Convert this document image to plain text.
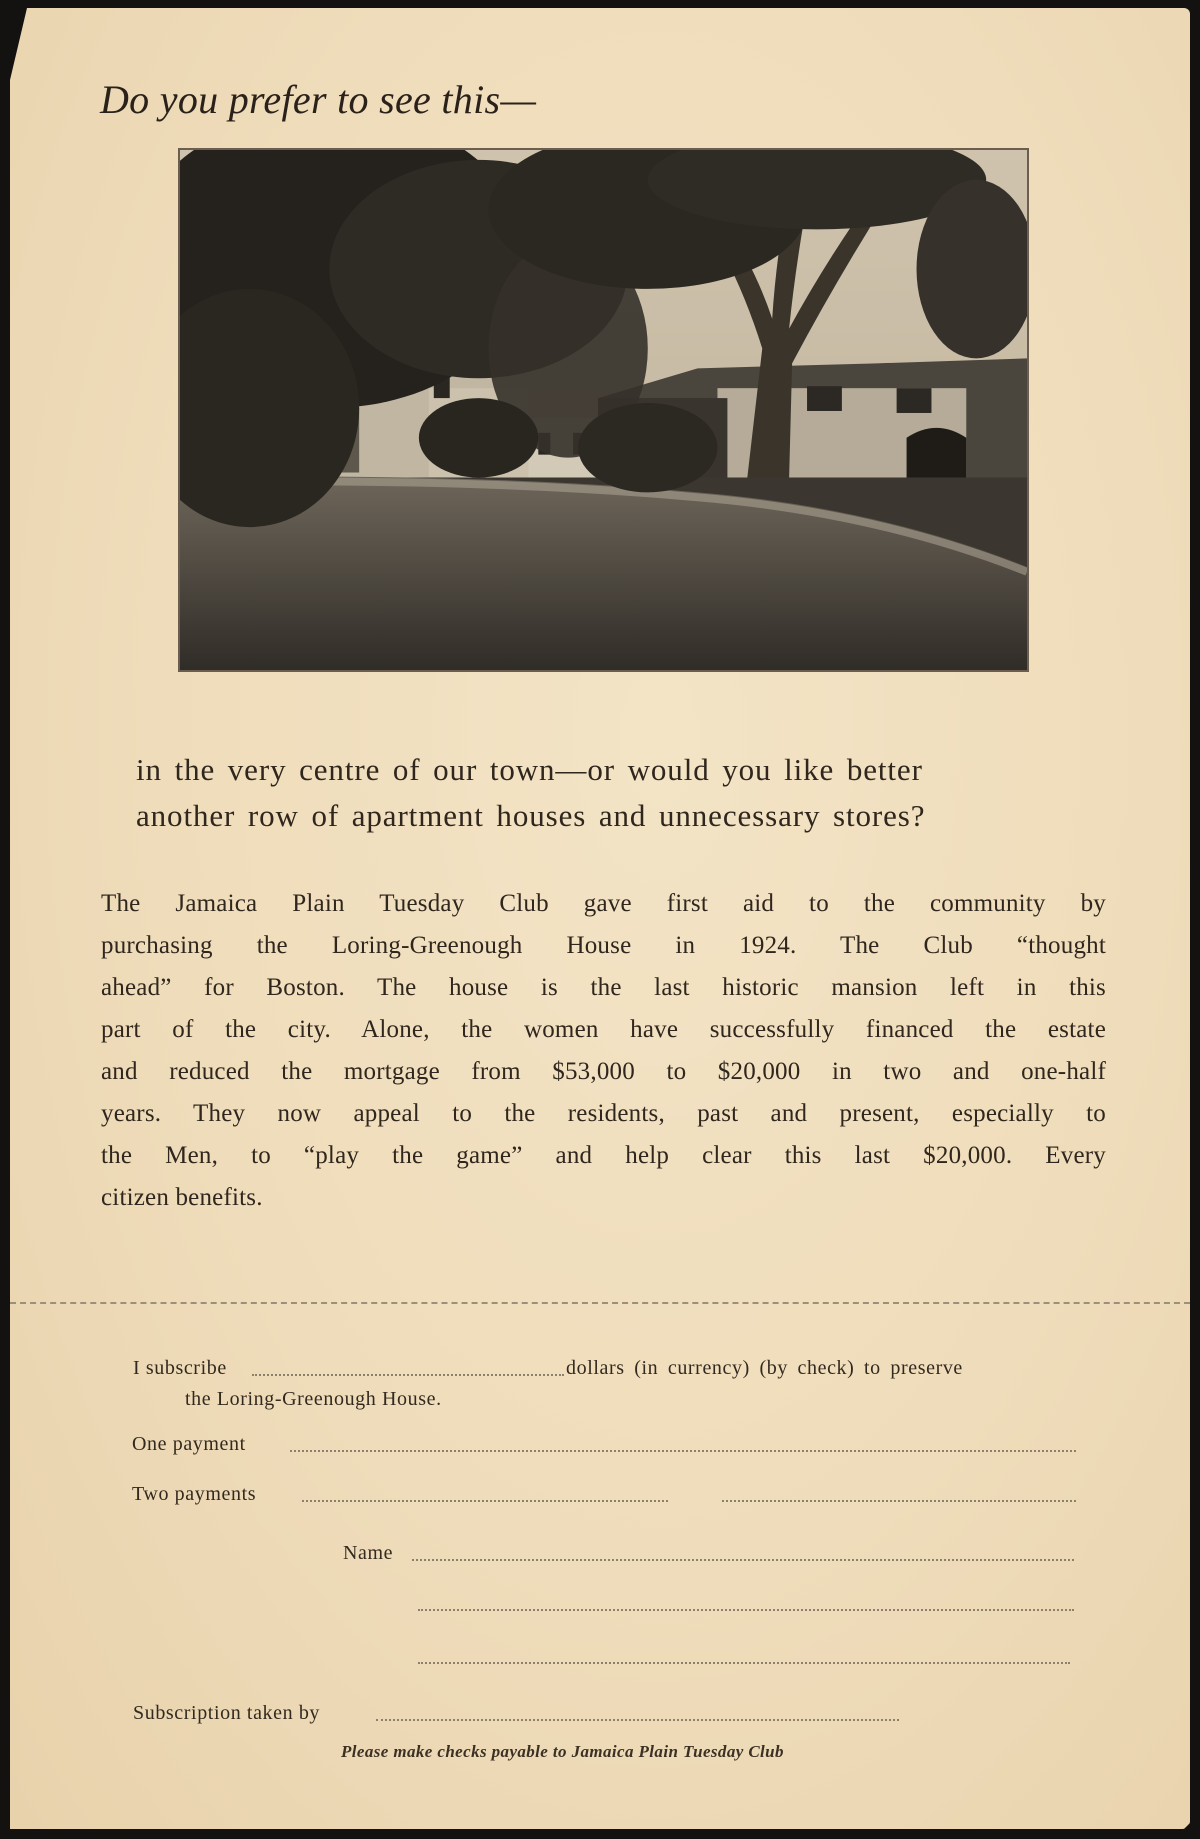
Do you prefer to see this—
in the very centre of our town—or would you like better
another row of apartment houses and unnecessary stores?
The Jamaica Plain Tuesday Club gave first aid to the community by
purchasing the Loring-Greenough House in 1924. The Club “thought
ahead” for Boston. The house is the last historic mansion left in this
part of the city. Alone, the women have successfully financed the estate
and reduced the mortgage from $53,000 to $20,000 in two and one-half
years. They now appeal to the residents, past and present, especially to
the Men, to “play the game” and help clear this last $20,000. Every
citizen benefits.
I subscribe	dollars (in currency) (by check) to preserve
the Loring-Greenough House.
One payment
Two payments
Name
Subscription taken by
Please make checks payable to Jamaica Plain Tuesday Club
